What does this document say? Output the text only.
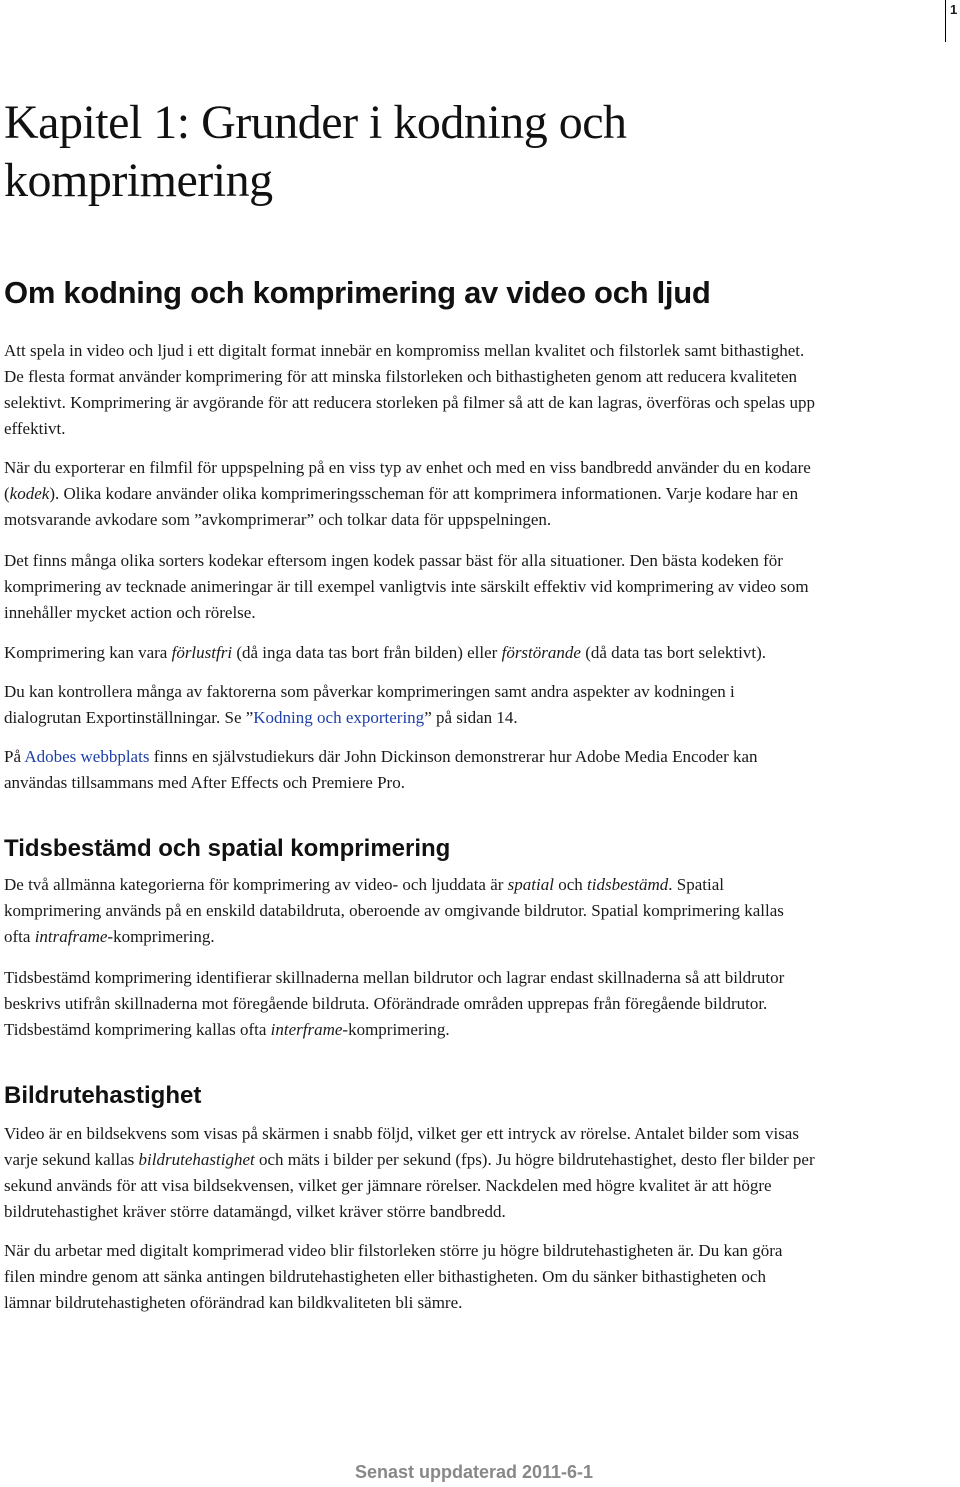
1
Kapitel 1: Grunder i kodning och
komprimering
Om kodning och komprimering av video och ljud

Att spela in video och ljud i ett digitalt format innebär en kompromiss mellan kvalitet och filstorlek samt bithastighet.
De flesta format använder komprimering för att minska filstorleken och bithastigheten genom att reducera kvaliteten
selektivt. Komprimering är avgörande för att reducera storleken på filmer så att de kan lagras, överföras och spelas upp
effektivt.

När du exporterar en filmfil för uppspelning på en viss typ av enhet och med en viss bandbredd använder du en kodare
(kodek). Olika kodare använder olika komprimeringsscheman för att komprimera informationen. Varje kodare har en
motsvarande avkodare som ”avkomprimerar” och tolkar data för uppspelningen.

Det finns många olika sorters kodekar eftersom ingen kodek passar bäst för alla situationer. Den bästa kodeken för
komprimering av tecknade animeringar är till exempel vanligtvis inte särskilt effektiv vid komprimering av video som
innehåller mycket action och rörelse.

Komprimering kan vara förlustfri (då inga data tas bort från bilden) eller förstörande (då data tas bort selektivt).

Du kan kontrollera många av faktorerna som påverkar komprimeringen samt andra aspekter av kodningen i
dialogrutan Exportinställningar. Se ”Kodning och exportering” på sidan 14.

På Adobes webbplats finns en självstudiekurs där John Dickinson demonstrerar hur Adobe Media Encoder kan
användas tillsammans med After Effects och Premiere Pro.

Tidsbestämd och spatial komprimering

De två allmänna kategorierna för komprimering av video- och ljuddata är spatial och tidsbestämd. Spatial
komprimering används på en enskild databildruta, oberoende av omgivande bildrutor. Spatial komprimering kallas
ofta intraframe-komprimering.

Tidsbestämd komprimering identifierar skillnaderna mellan bildrutor och lagrar endast skillnaderna så att bildrutor
beskrivs utifrån skillnaderna mot föregående bildruta. Oförändrade områden upprepas från föregående bildrutor.
Tidsbestämd komprimering kallas ofta interframe-komprimering.

Bildrutehastighet

Video är en bildsekvens som visas på skärmen i snabb följd, vilket ger ett intryck av rörelse. Antalet bilder som visas
varje sekund kallas bildrutehastighet och mäts i bilder per sekund (fps). Ju högre bildrutehastighet, desto fler bilder per
sekund används för att visa bildsekvensen, vilket ger jämnare rörelser. Nackdelen med högre kvalitet är att högre
bildrutehastighet kräver större datamängd, vilket kräver större bandbredd.

När du arbetar med digitalt komprimerad video blir filstorleken större ju högre bildrutehastigheten är. Du kan göra
filen mindre genom att sänka antingen bildrutehastigheten eller bithastigheten. Om du sänker bithastigheten och
lämnar bildrutehastigheten oförändrad kan bildkvaliteten bli sämre.

Senast uppdaterad 2011-6-1
